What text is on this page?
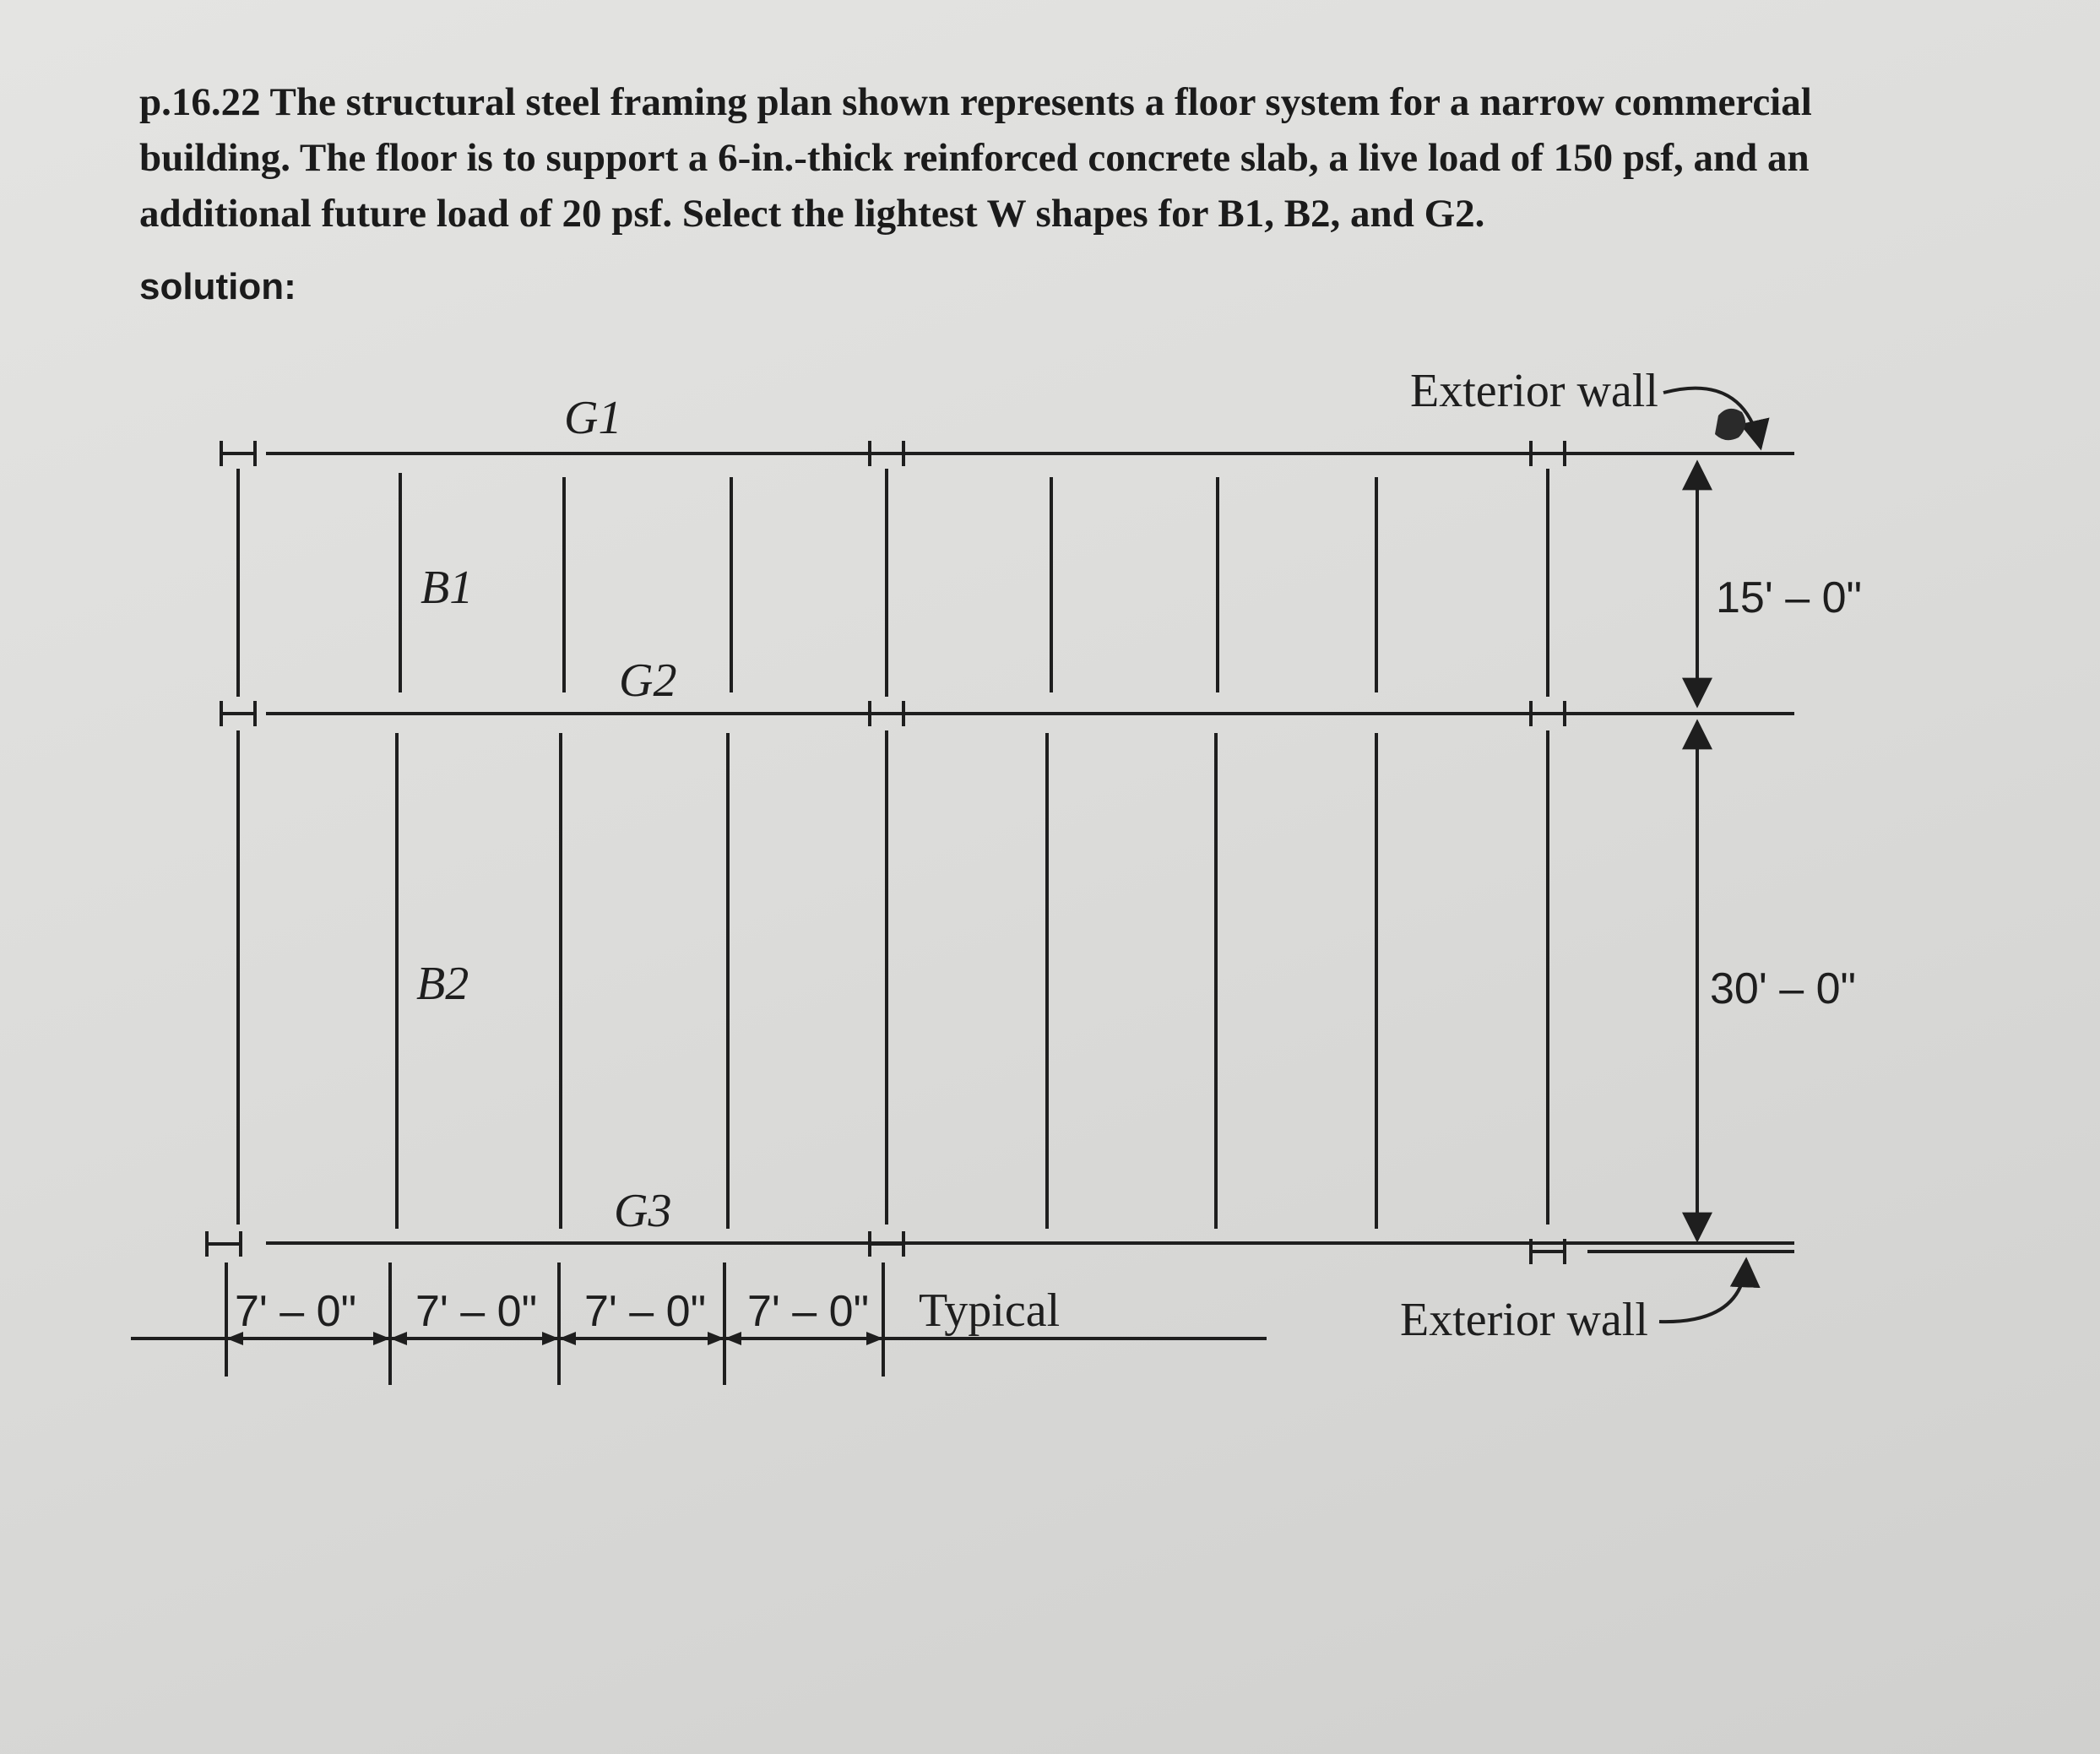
p.16.22 The structural steel framing plan shown represents a floor system for a narrow commercial building. The floor is to support a 6-in.-thick reinforced concrete slab, a live load of 150 psf, and an additional future load of 20 psf. Select the lightest W shapes for B1, B2, and G2.

solution:

G1
G2
G3
B1
B2
Exterior wall
Exterior wall
15' – 0"
30' – 0"
7' – 0" 7' – 0" 7' – 0" 7' – 0" Typical
